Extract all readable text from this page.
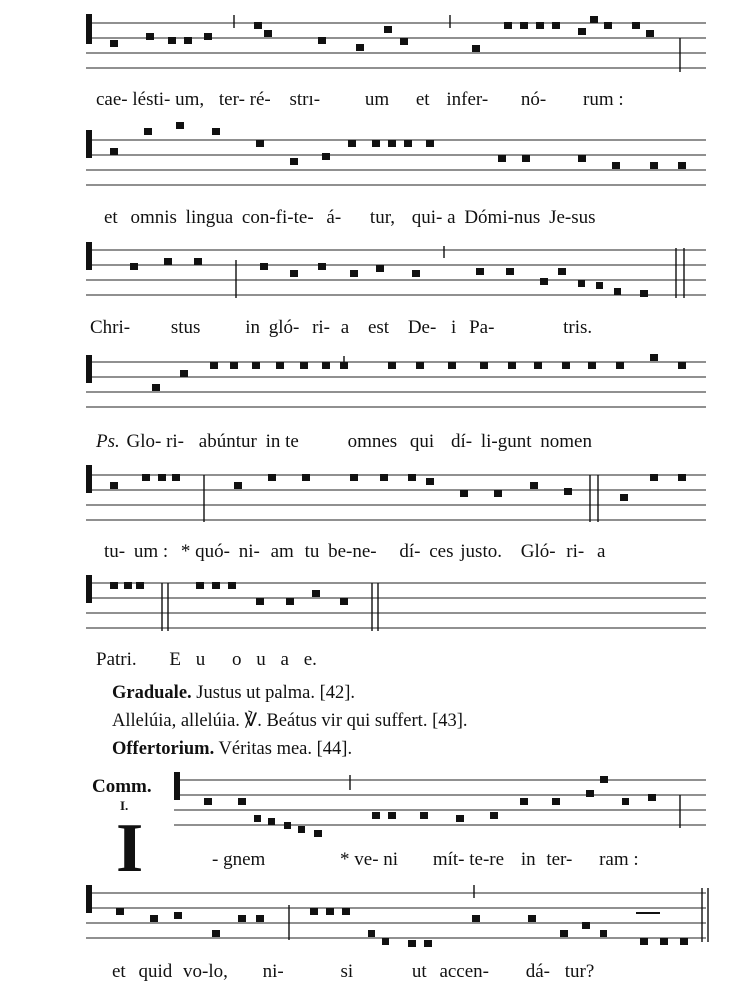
cae- lésti- um, ter- ré- strı- um et infer- nó- rum :
et omnis lingua con-fi-te- á- tur, qui- a Dómi-nus Je-sus
Chri- stus in gló- ri- a est De- i Pa-	tris.
Ps. Glo- ri- abúntur in te	omnes qui dí- li-gunt nomen
tu- um : * quó- ni- am tu be-ne- dí- ces justo. Gló- ri- a
Patri. E u o u a e.
Graduale. Justus ut palma. [42].
Allelúia, allelúia. ℣. Beátus vir qui suffert. [43].
Offertorium. Véritas mea. [44].
Comm.
I.
I	- gnem	* ve- ni mít- te-re in ter- ram :
et quid vo-lo, ni-	si	ut accen- dá- tur?
